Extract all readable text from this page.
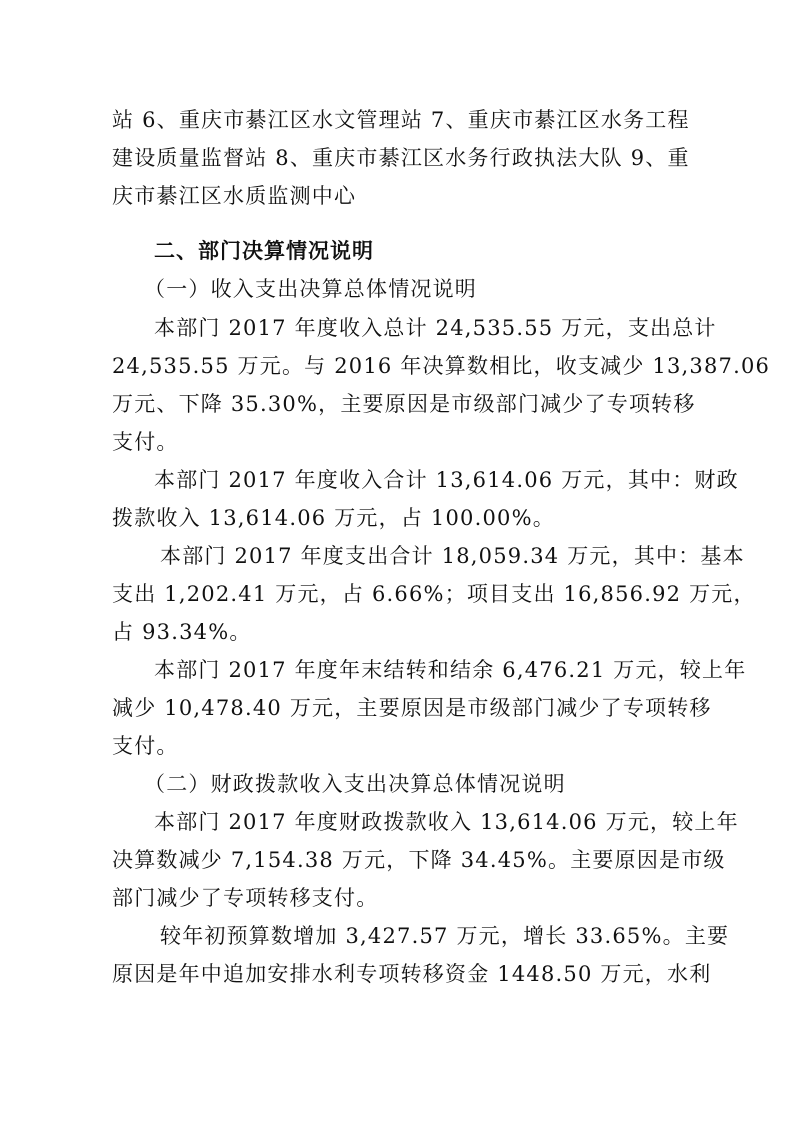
站 6、重庆市綦江区水文管理站 7、重庆市綦江区水务工程
建设质量监督站 8、重庆市綦江区水务行政执法大队 9、重
庆市綦江区水质监测中心
二、部门决算情况说明
（一）收入支出决算总体情况说明
本部门 2017 年度收入总计 24,535.55 万元，支出总计
24,535.55 万元。与 2016 年决算数相比，收支减少 13,387.06
万元、下降 35.30%，主要原因是市级部门减少了专项转移
支付。
本部门 2017 年度收入合计 13,614.06 万元，其中：财政
拨款收入 13,614.06 万元，占 100.00%。
本部门 2017 年度支出合计 18,059.34 万元，其中：基本
支出 1,202.41 万元，占 6.66%；项目支出 16,856.92 万元，
占 93.34%。
本部门 2017 年度年末结转和结余 6,476.21 万元，较上年
减少 10,478.40 万元，主要原因是市级部门减少了专项转移
支付。
（二）财政拨款收入支出决算总体情况说明
本部门 2017 年度财政拨款收入 13,614.06 万元，较上年
决算数减少 7,154.38 万元，下降 34.45%。主要原因是市级
部门减少了专项转移支付。
较年初预算数增加 3,427.57 万元，增长 33.65%。主要
原因是年中追加安排水利专项转移资金 1448.50 万元，水利
